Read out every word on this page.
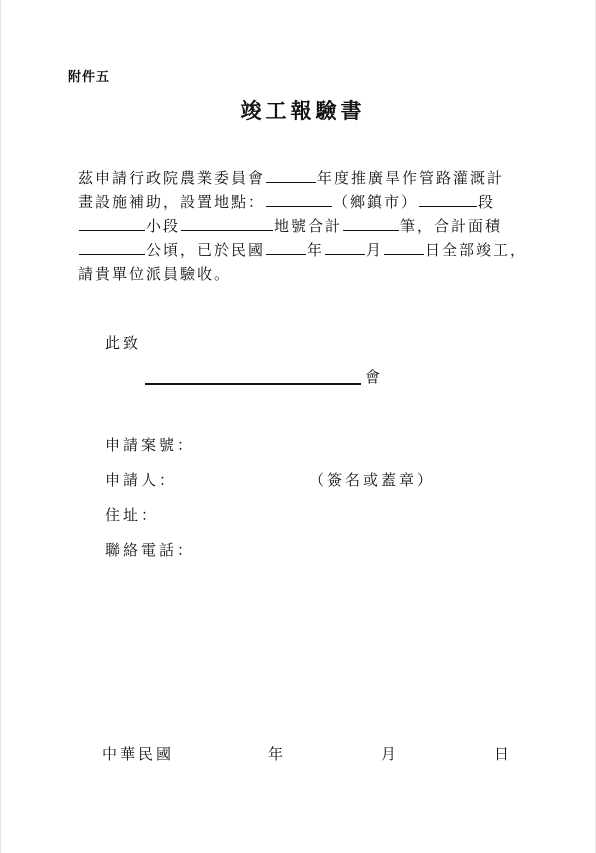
附件五
竣工報驗書
茲申請行政院農業委員會	年度推廣旱作管路灌溉計
畫設施補助，設置地點：	（鄉鎮市）	段
小段	地號合計	筆，合計面積
公頃，已於民國	年	月	日全部竣工，
請貴單位派員驗收。
此致
會
申請案號：
申請人：	（簽名或蓋章）
住址：
聯絡電話：
中華民國	年	月	日
